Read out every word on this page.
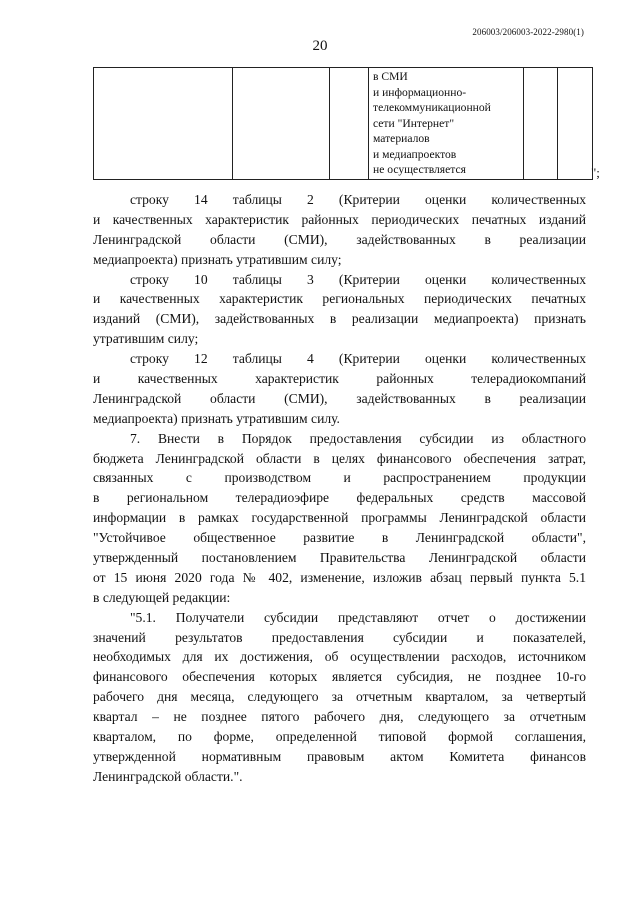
206003/206003-2022-2980(1)
20

в СМИ
и информационно-
телекоммуникационной
сети "Интернет"
материалов
и медиапроектов
не осуществляется
			";
строку 14 таблицы 2 (Критерии оценки количественных
и качественных характеристик районных периодических печатных изданий
Ленинградской области (СМИ), задействованных в реализации
медиапроекта) признать утратившим силу;
строку 10 таблицы 3 (Критерии оценки количественных
и качественных характеристик региональных периодических печатных
изданий (СМИ), задействованных в реализации медиапроекта) признать
утратившим силу;
строку 12 таблицы 4 (Критерии оценки количественных
и качественных характеристик районных телерадиокомпаний
Ленинградской области (СМИ), задействованных в реализации
медиапроекта) признать утратившим силу.
7. Внести в Порядок предоставления субсидии из областного
бюджета Ленинградской области в целях финансового обеспечения затрат,
связанных с производством и распространением продукции
в региональном телерадиоэфире федеральных средств массовой
информации в рамках государственной программы Ленинградской области
"Устойчивое общественное развитие в Ленинградской области",
утвержденный постановлением Правительства Ленинградской области
от 15 июня 2020 года № 402, изменение, изложив абзац первый пункта 5.1
в следующей редакции:
"5.1. Получатели субсидии представляют отчет о достижении
значений результатов предоставления субсидии и показателей,
необходимых для их достижения, об осуществлении расходов, источником
финансового обеспечения которых является субсидия, не позднее 10-го
рабочего дня месяца, следующего за отчетным кварталом, за четвертый
квартал – не позднее пятого рабочего дня, следующего за отчетным
кварталом, по форме, определенной типовой формой соглашения,
утвержденной нормативным правовым актом Комитета финансов
Ленинградской области.".
